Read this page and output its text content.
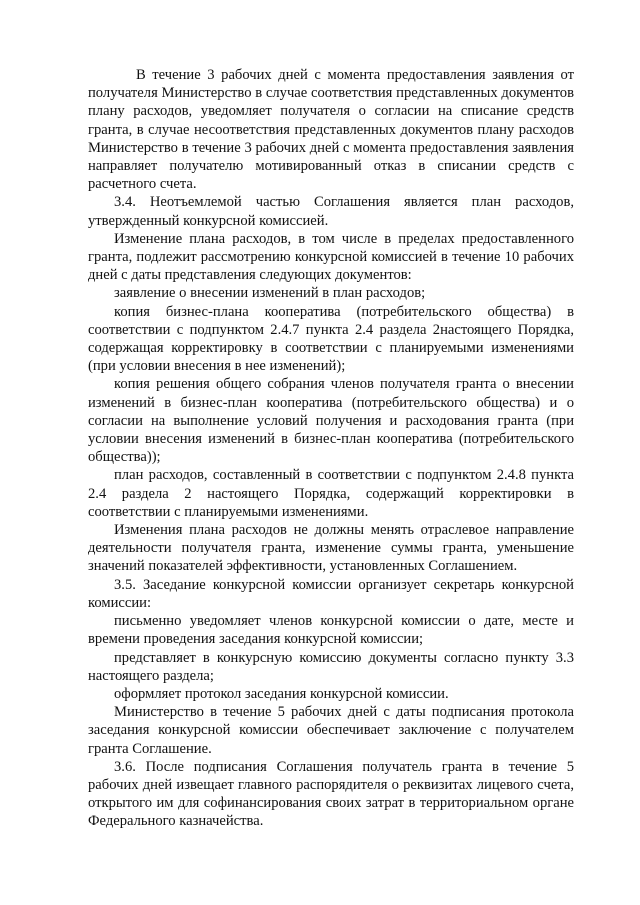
В течение 3 рабочих дней с момента предоставления заявления от получателя Министерство в случае соответствия представленных документов плану расходов, уведомляет получателя о согласии на списание средств гранта, в случае несоответствия представленных документов плану расходов Министерство в течение 3 рабочих дней с момента предоставления заявления направляет получателю мотивированный отказ в списании средств с расчетного счета.

3.4. Неотъемлемой частью Соглашения является план расходов, утвержденный конкурсной комиссией.

Изменение плана расходов, в том числе в пределах предоставленного гранта, подлежит рассмотрению конкурсной комиссией в течение 10 рабочих дней с даты представления следующих документов:

заявление о внесении изменений в план расходов;

копия бизнес-плана кооператива (потребительского общества) в соответствии с подпунктом 2.4.7 пункта 2.4 раздела 2настоящего Порядка, содержащая корректировку в соответствии с планируемыми изменениями (при условии внесения в нее изменений);

копия решения общего собрания членов получателя гранта о внесении изменений в бизнес-план кооператива (потребительского общества) и о согласии на выполнение условий получения и расходования гранта (при условии внесения изменений в бизнес-план кооператива (потребительского общества));

план расходов, составленный в соответствии с подпунктом 2.4.8 пункта 2.4 раздела 2 настоящего Порядка, содержащий корректировки в соответствии с планируемыми изменениями.

Изменения плана расходов не должны менять отраслевое направление деятельности получателя гранта, изменение суммы гранта, уменьшение значений показателей эффективности, установленных Соглашением.

3.5. Заседание конкурсной комиссии организует секретарь конкурсной комиссии:

письменно уведомляет членов конкурсной комиссии о дате, месте и времени проведения заседания конкурсной комиссии;

представляет в конкурсную комиссию документы согласно пункту 3.3 настоящего раздела;

оформляет протокол заседания конкурсной комиссии.

Министерство в течение 5 рабочих дней с даты подписания протокола заседания конкурсной комиссии обеспечивает заключение с получателем гранта Соглашение.

3.6. После подписания Соглашения получатель гранта в течение 5 рабочих дней извещает главного распорядителя о реквизитах лицевого счета, открытого им для софинансирования своих затрат в территориальном органе Федерального казначейства.
